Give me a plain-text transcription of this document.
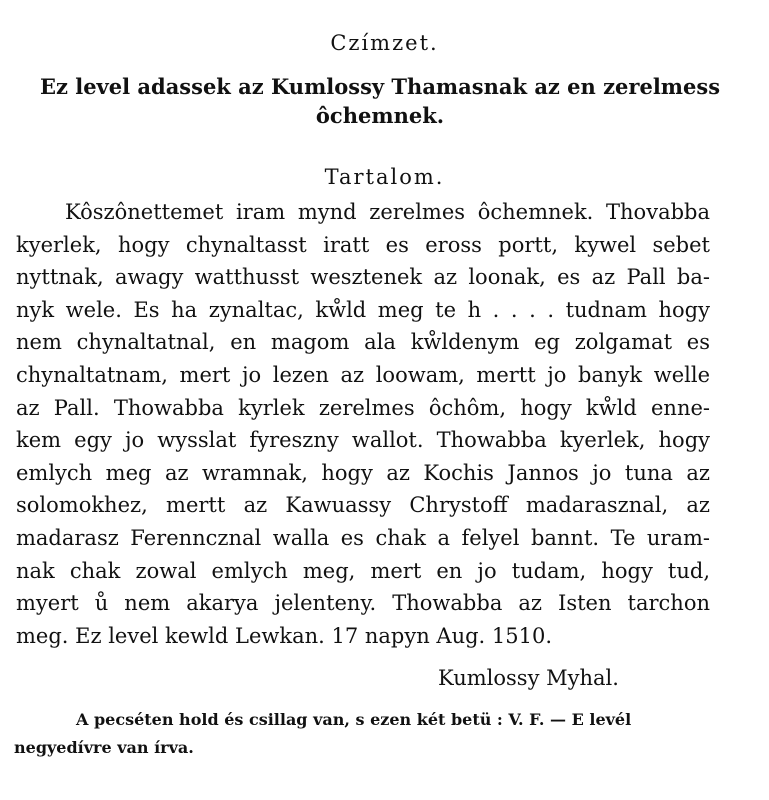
Czímzet.
Ez level adassek az Kumlossy Thamasnak az en zerelmess
ôchemnek.
Tartalom.
Kôszônettemet iram mynd zerelmes ôchemnek. Thovabba
kyerlek, hogy chynaltasst iratt es eross portt, kywel sebet
nyttnak, awagy watthusst wesztenek az loonak, es az Pall ba-
nyk wele. Es ha zynaltac, kẘld meg te h . . . . tudnam hogy
nem chynaltatnal, en magom ala kẘldenym eg zolgamat es
chynaltatnam, mert jo lezen az loowam, mertt jo banyk welle
az Pall. Thowabba kyrlek zerelmes ôchôm, hogy kẘld enne-
kem egy jo wysslat fyreszny wallot. Thowabba kyerlek, hogy
emlych meg az wramnak, hogy az Kochis Jannos jo tuna az
solomokhez, mertt az Kawuassy Chrystoff madarasznal, az
madarasz Ferenncznal walla es chak a felyel bannt. Te uram-
nak chak zowal emlych meg, mert en jo tudam, hogy tud,
myert ů nem akarya jelenteny. Thowabba az Isten tarchon
meg. Ez level kewld Lewkan. 17 napyn Aug. 1510.
Kumlossy Myhal.
A pecséten hold és csillag van, s ezen két betü : V. F. — E levél
negyedívre van írva.
